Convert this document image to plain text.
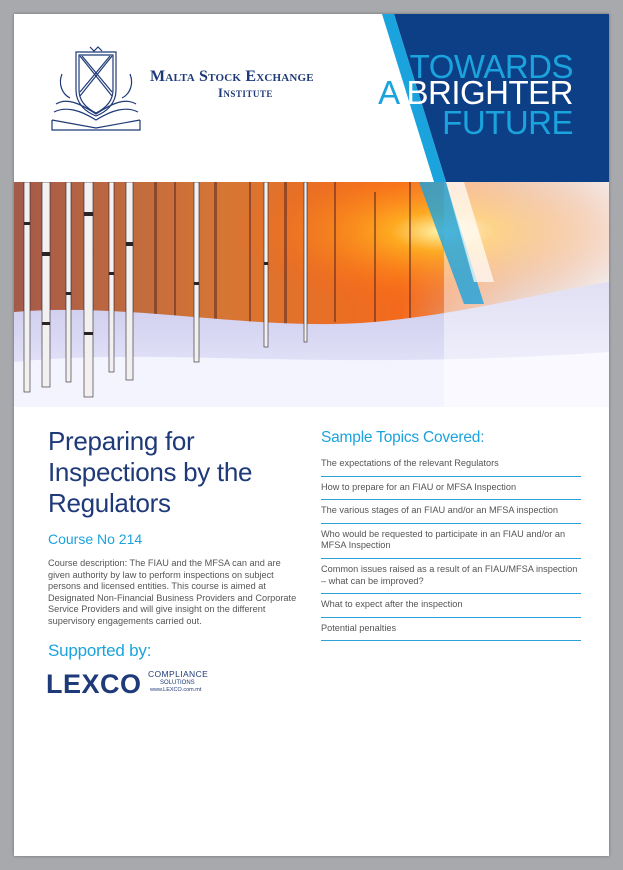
Malta Stock Exchange
Institute
TOWARDS
A BRIGHTER
FUTURE
Preparing for Inspections by the Regulators
Course No 214
Course description: The FIAU and the MFSA can and are given authority by law to perform inspections on subject persons and licensed entities. This course is aimed at Designated Non-Financial Business Providers and Corporate Service Providers and will give insight on the different supervisory engagements carried out.
Supported by:
LEXCO COMPLIANCE
SOLUTIONS
www.LEXCO.com.mt
Sample Topics Covered:
The expectations of the relevant Regulators
How to prepare for an FIAU or MFSA Inspection
The various stages of an FIAU and/or an MFSA inspection
Who would be requested to participate in an FIAU and/or an MFSA Inspection
Common issues raised as a result of an FIAU/MFSA inspection – what can be improved?
What to expect after the inspection
Potential penalties
